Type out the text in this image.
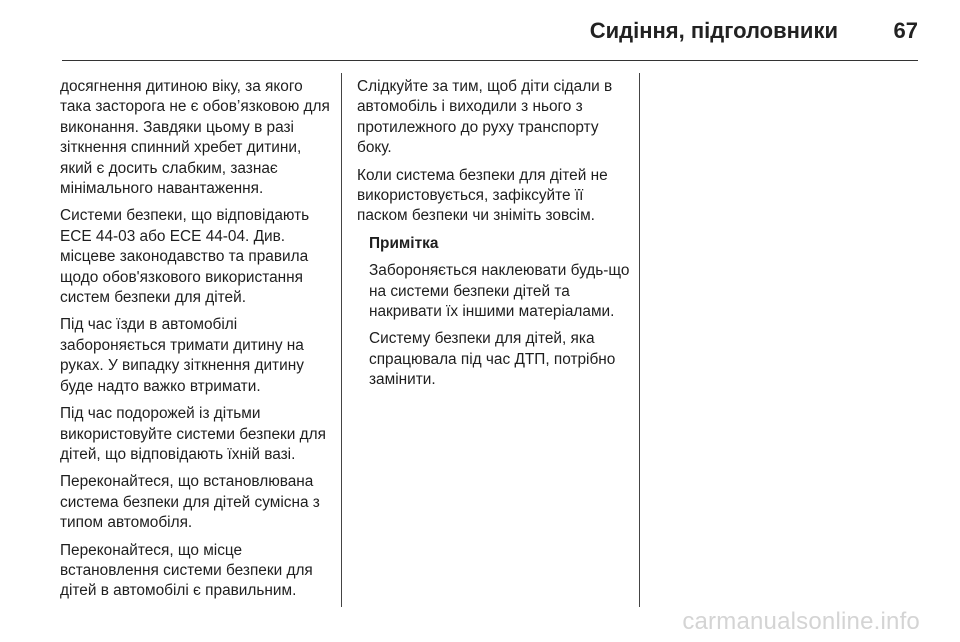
Сидіння, підголовники	67

досягнення дитиною віку, за якого така засторога не є обов’язковою для виконання. Завдяки цьому в разі зіткнення спинний хребет дитини, який є досить слабким, зазнає мінімального навантаження.

Системи безпеки, що відповідають ЕСЕ 44-03 або ЕСЕ 44-04. Див. місцеве законодавство та правила щодо обов'язкового використання систем безпеки для дітей.

Під час їзди в автомобілі забороняється тримати дитину на руках. У випадку зіткнення дитину буде надто важко втримати.

Під час подорожей із дітьми використовуйте системи безпеки для дітей, що відповідають їхній вазі.

Переконайтеся, що встановлювана система безпеки для дітей сумісна з типом автомобіля.

Переконайтеся, що місце встановлення системи безпеки для дітей в автомобілі є правильним.

Слідкуйте за тим, щоб діти сідали в автомобіль і виходили з нього з протилежного до руху транспорту боку.

Коли система безпеки для дітей не використовується, зафіксуйте її паском безпеки чи зніміть зовсім.

Примітка

Забороняється наклеювати будь-що на системи безпеки дітей та накривати їх іншими матеріалами.

Систему безпеки для дітей, яка спрацювала під час ДТП, потрібно замінити.

carmanualsonline.info
